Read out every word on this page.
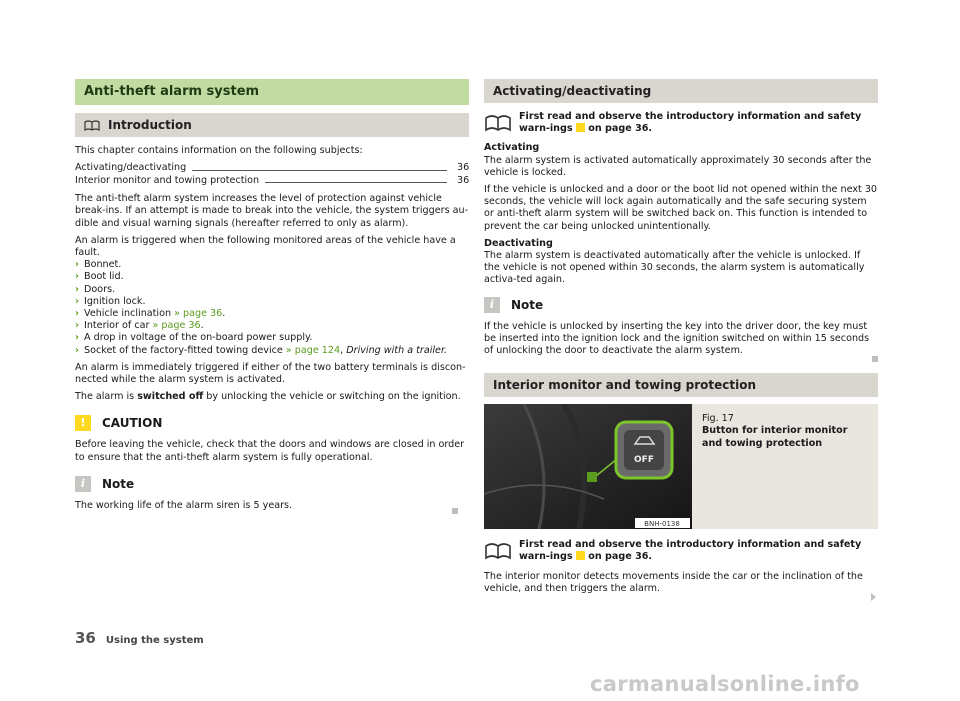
Anti-theft alarm system
Introduction

This chapter contains information on the following subjects:

Activating/deactivating	36
Interior monitor and towing protection	36

The anti-theft alarm system increases the level of protection against vehicle break-ins. If an attempt is made to break into the vehicle, the system triggers au-dible and visual warning signals (hereafter referred to only as alarm).

An alarm is triggered when the following monitored areas of the vehicle have a fault.

› Bonnet.
› Boot lid.
› Doors.
› Ignition lock.
› Vehicle inclination » page 36.
› Interior of car » page 36.
› A drop in voltage of the on-board power supply.
› Socket of the factory-fitted towing device » page 124, Driving with a trailer.

An alarm is immediately triggered if either of the two battery terminals is discon-nected while the alarm system is activated.

The alarm is switched off by unlocking the vehicle or switching on the ignition.

!	CAUTION

Before leaving the vehicle, check that the doors and windows are closed in order to ensure that the anti-theft alarm system is fully operational.

i	Note

The working life of the alarm siren is 5 years.

Activating/deactivating
First read and observe the introductory information and safety warn-ings  on page 36.

Activating
The alarm system is activated automatically approximately 30 seconds after the vehicle is locked.

If the vehicle is unlocked and a door or the boot lid not opened within the next 30 seconds, the vehicle will lock again automatically and the safe securing system or anti-theft alarm system will be switched back on. This function is intended to prevent the car being unlocked unintentionally.

Deactivating
The alarm system is deactivated automatically after the vehicle is unlocked. If the vehicle is not opened within 30 seconds, the alarm system is automatically activa-ted again.

i	Note

If the vehicle is unlocked by inserting the key into the driver door, the key must be inserted into the ignition lock and the ignition switched on within 15 seconds of unlocking the door to deactivate the alarm system.

Interior monitor and towing protection
OFF
BNH-0138
Fig. 17
Button for interior monitor and towing protection
First read and observe the introductory information and safety warn-ings  on page 36.

The interior monitor detects movements inside the car or the inclination of the vehicle, and then triggers the alarm.

36 Using the system
carmanualsonline.info
